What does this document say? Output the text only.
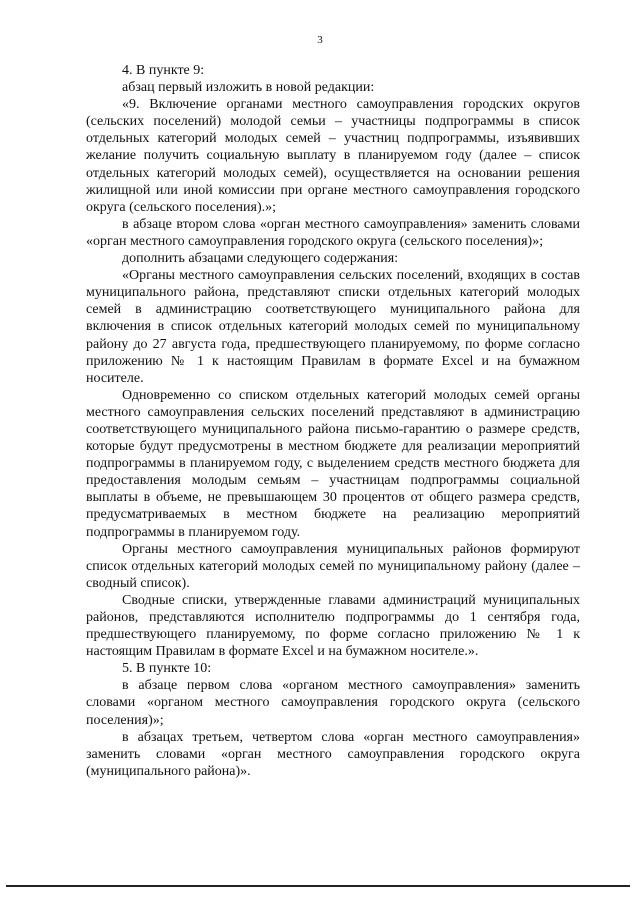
3

4. В пункте 9:

абзац первый изложить в новой редакции:

«9. Включение органами местного самоуправления городских округов (сельских поселений) молодой семьи – участницы подпрограммы в список отдельных категорий молодых семей – участниц подпрограммы, изъявивших желание получить социальную выплату в планируемом году (далее – список отдельных категорий молодых семей), осуществляется на основании решения жилищной или иной комиссии при органе местного самоуправления городского округа (сельского поселения).»;

в абзаце втором слова «орган местного самоуправления» заменить словами «орган местного самоуправления городского округа (сельского поселения)»;

дополнить абзацами следующего содержания:

«Органы местного самоуправления сельских поселений, входящих в состав муниципального района, представляют списки отдельных категорий молодых семей в администрацию соответствующего муниципального района для включения в список отдельных категорий молодых семей по муниципальному району до 27 августа года, предшествующего планируемому, по форме согласно приложению № 1 к настоящим Правилам в формате Excel и на бумажном носителе.

Одновременно со списком отдельных категорий молодых семей органы местного самоуправления сельских поселений представляют в администрацию соответствующего муниципального района письмо-гарантию о размере средств, которые будут предусмотрены в местном бюджете для реализации мероприятий подпрограммы в планируемом году, с выделением средств местного бюджета для предоставления молодым семьям – участницам подпрограммы социальной выплаты в объеме, не превышающем 30 процентов от общего размера средств, предусматриваемых в местном бюджете на реализацию мероприятий подпрограммы в планируемом году.

Органы местного самоуправления муниципальных районов формируют список отдельных категорий молодых семей по муниципальному району (далее – сводный список).

Сводные списки, утвержденные главами администраций муниципальных районов, представляются исполнителю подпрограммы до 1 сентября года, предшествующего планируемому, по форме согласно приложению № 1 к настоящим Правилам в формате Excel и на бумажном носителе.».

5. В пункте 10:

в абзаце первом слова «органом местного самоуправления» заменить словами «органом местного самоуправления городского округа (сельского поселения)»;

в абзацах третьем, четвертом слова «орган местного самоуправления» заменить словами «орган местного самоуправления городского округа (муниципального района)».
